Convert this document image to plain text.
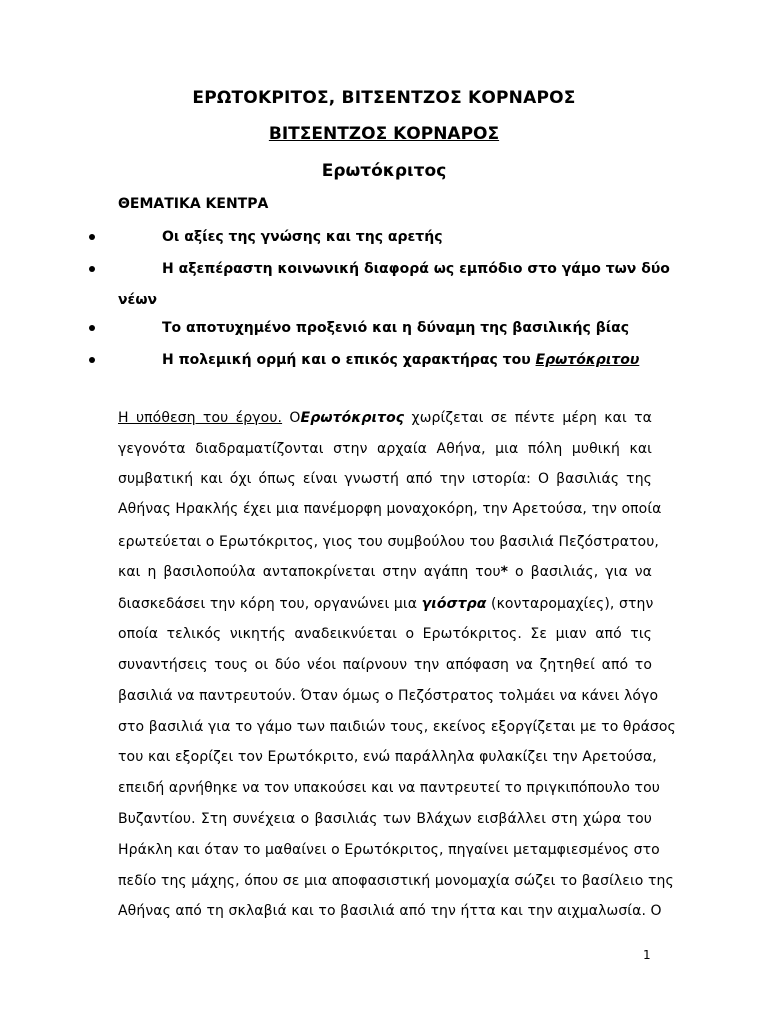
ΕΡΩΤΟΚΡΙΤΟΣ, ΒΙΤΣΕΝΤΖΟΣ ΚΟΡΝΑΡΟΣ
ΒΙΤΣΕΝΤΖΟΣ ΚΟΡΝΑΡΟΣ
Ερωτόκριτος
ΘΕΜΑΤΙΚΑ ΚΕΝΤΡΑ
Οι αξίες της γνώσης και της αρετής
Η αξεπέραστη κοινωνική διαφορά ως εμπόδιο στο γάμο των δύο
νέων
Το αποτυχημένο προξενιό και η δύναμη της βασιλικής βίας
Η πολεμική ορμή και ο επικός χαρακτήρας του Ερωτόκριτου
Η υπόθεση του έργου. ΟΕρωτόκριτος χωρίζεται σε πέντε μέρη και τα
γεγονότα διαδραματίζονται στην αρχαία Αθήνα, μια πόλη μυθική και
συμβατική και όχι όπως είναι γνωστή από την ιστορία: Ο βασιλιάς της
Αθήνας Ηρακλής έχει μια πανέμορφη μοναχοκόρη, την Αρετούσα, την οποία
ερωτεύεται ο Ερωτόκριτος, γιος του συμβούλου του βασιλιά Πεζόστρατου,
και η βασιλοπούλα ανταποκρίνεται στην αγάπη του* ο βασιλιάς, για να
διασκεδάσει την κόρη του, οργανώνει μια γιόστρα (κονταρομαχίες), στην
οποία τελικός νικητής αναδεικνύεται ο Ερωτόκριτος. Σε μιαν από τις
συναντήσεις τους οι δύο νέοι παίρνουν την απόφαση να ζητηθεί από το
βασιλιά να παντρευτούν. Όταν όμως ο Πεζόστρατος τολμάει να κάνει λόγο
στο βασιλιά για το γάμο των παιδιών τους, εκείνος εξοργίζεται με το θράσος
του και εξορίζει τον Ερωτόκριτο, ενώ παράλληλα φυλακίζει την Αρετούσα,
επειδή αρνήθηκε να τον υπακούσει και να παντρευτεί το πριγκιπόπουλο του
Βυζαντίου. Στη συνέχεια ο βασιλιάς των Βλάχων εισβάλλει στη χώρα του
Ηράκλη και όταν το μαθαίνει ο Ερωτόκριτος, πηγαίνει μεταμφιεσμένος στο
πεδίο της μάχης, όπου σε μια αποφασιστική μονομαχία σώζει το βασίλειο της
Αθήνας από τη σκλαβιά και το βασιλιά από την ήττα και την αιχμαλωσία. Ο
1
